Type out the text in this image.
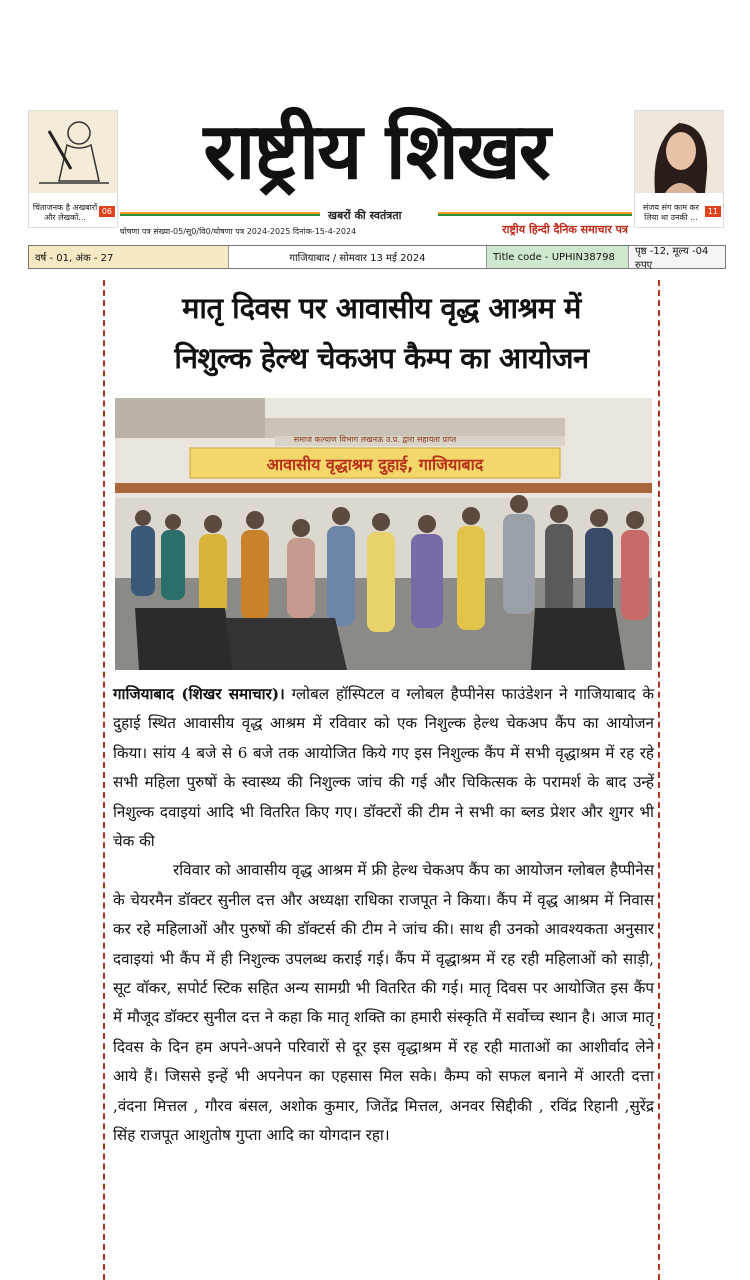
चिंताजनक है अखबारों और लेखकों...
06
राष्ट्रीय शिखर
खबरों की स्वतंत्रता
घोषणा पत्र संख्या-05/सू0/वि0/घोषणा पत्र 2024-2025 दिनांक-15-4-2024	राष्ट्रीय हिन्दी दैनिक समाचार पत्र
संजय संग काम कर लिया था उनकी ...
11
वर्ष - 01, अंक - 27	गाजियाबाद / सोमवार 13 मई 2024	Title code - UPHIN38798	पृष्ठ -12, मूल्य -04 रुपए
मातृ दिवस पर आवासीय वृद्ध आश्रम में
निशुल्क हेल्थ चेकअप कैम्प का आयोजन
समाज कल्याण विभाग लखनऊ उ.प्र. द्वारा सहायता प्राप्त
आवासीय वृद्धाश्रम दुहाई, गाजियाबाद

गाजियाबाद (शिखर समाचार)। ग्लोबल हॉस्पिटल व ग्लोबल हैप्पीनेस फाउंडेशन ने गाजियाबाद के दुहाई स्थित आवासीय वृद्ध आश्रम में रविवार को एक निशुल्क हेल्थ चेकअप कैंप का आयोजन किया। सांय 4 बजे से 6 बजे तक आयोजित किये गए इस निशुल्क कैंप में सभी वृद्धाश्रम में रह रहे सभी महिला पुरुषों के स्वास्थ्य की निशुल्क जांच की गई और चिकित्सक के परामर्श के बाद उन्हें निशुल्क दवाइयां आदि भी वितरित किए गए। डॉक्टरों की टीम ने सभी का ब्लड प्रेशर और शुगर भी चेक की

रविवार को आवासीय वृद्ध आश्रम में फ्री हेल्थ चेकअप कैंप का आयोजन ग्लोबल हैप्पीनेस के चेयरमैन डॉक्टर सुनील दत्त और अध्यक्षा राधिका राजपूत ने किया। कैंप में वृद्ध आश्रम में निवास कर रहे महिलाओं और पुरुषों की डॉक्टर्स की टीम ने जांच की। साथ ही उनको आवश्यकता अनुसार दवाइयां भी कैंप में ही निशुल्क उपलब्ध कराई गई। कैंप में वृद्धाश्रम में रह रही महिलाओं को साड़ी, सूट वॉकर, सपोर्ट स्टिक सहित अन्य सामग्री भी वितरित की गई। मातृ दिवस पर आयोजित इस कैंप में मौजूद डॉक्टर सुनील दत्त ने कहा कि मातृ शक्ति का हमारी संस्कृति में सर्वोच्च स्थान है। आज मातृ दिवस के दिन हम अपने-अपने परिवारों से दूर इस वृद्धाश्रम में रह रही माताओं का आशीर्वाद लेने आये हैं। जिससे इन्हें भी अपनेपन का एहसास मिल सके। कैम्प को सफल बनाने में आरती दत्ता ,वंदना मित्तल , गौरव बंसल, अशोक कुमार, जितेंद्र मित्तल, अनवर सिद्दीकी , रविंद्र रिहानी ,सुरेंद्र सिंह राजपूत आशुतोष गुप्ता आदि का योगदान रहा।
